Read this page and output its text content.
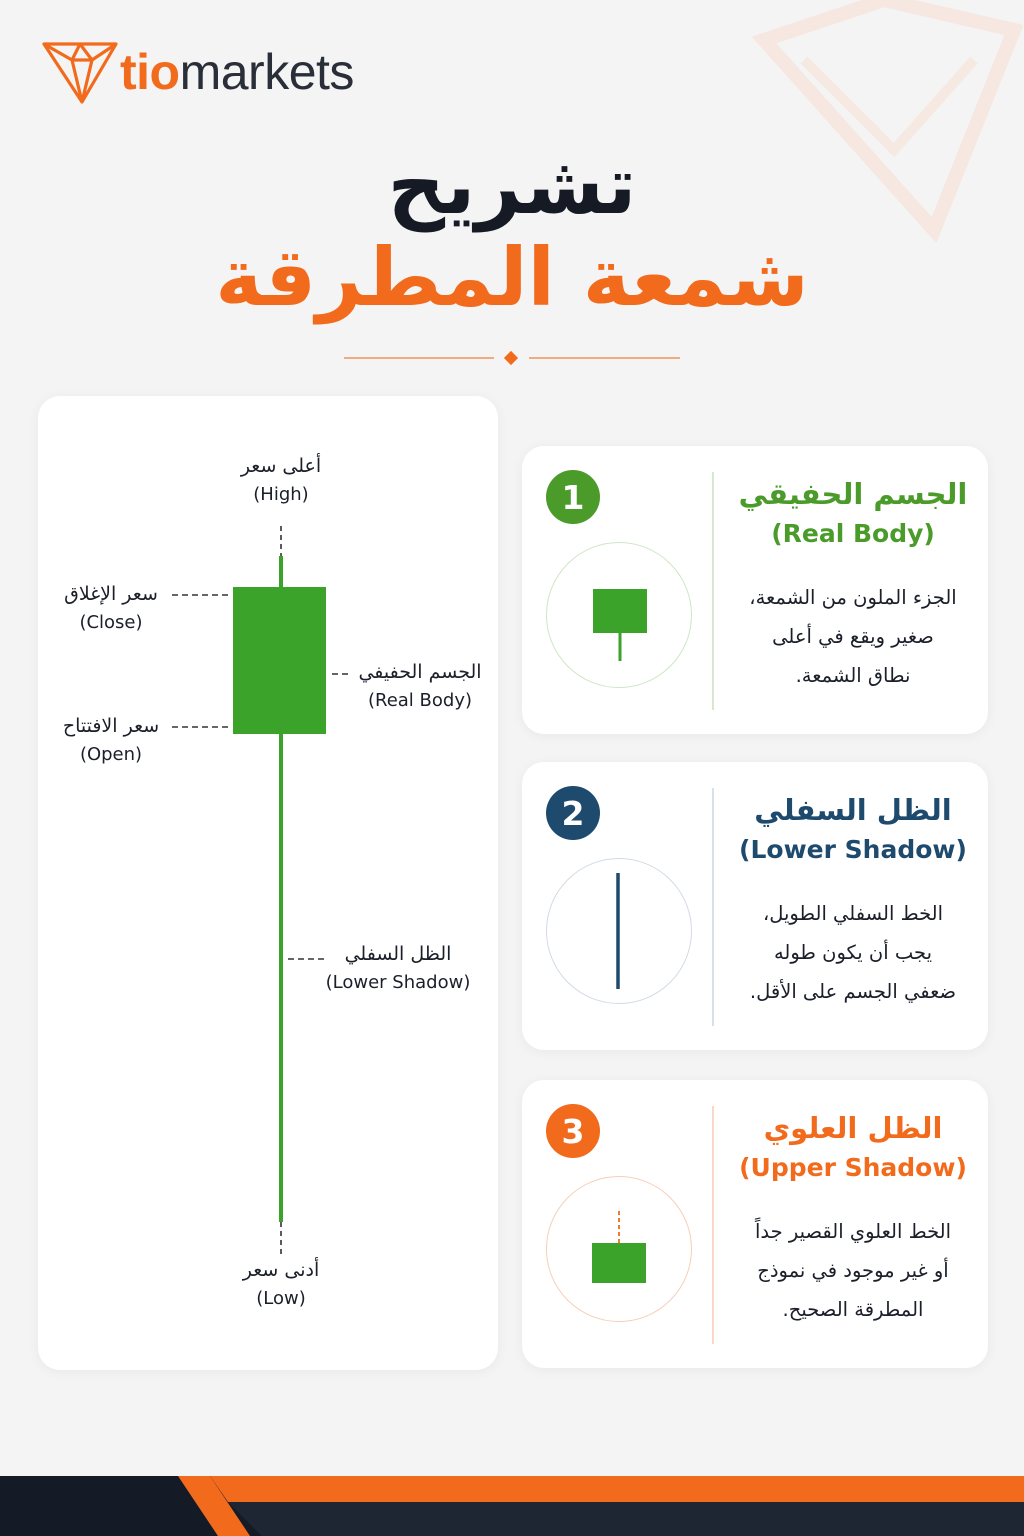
tiomarkets
تشريح
شمعة المطرقة
أعلى سعر
(High)
سعر الإغلاق
(Close)
سعر الافتتاح
(Open)
الجسم الحفيفي
(Real Body)
الظل السفلي
(Lower Shadow)
أدنى سعر
(Low)
1	الجسم الحفيقي
(Real Body)
الجزء الملون من الشمعة،
صغير ويقع في أعلى
نطاق الشمعة.
2	الظل السفلي
(Lower Shadow)
الخط السفلي الطويل،
يجب أن يكون طوله
ضعفي الجسم على الأقل.
3	الظل العلوي
(Upper Shadow)
الخط العلوي القصير جداً
أو غير موجود في نموذج
المطرقة الصحيح.
